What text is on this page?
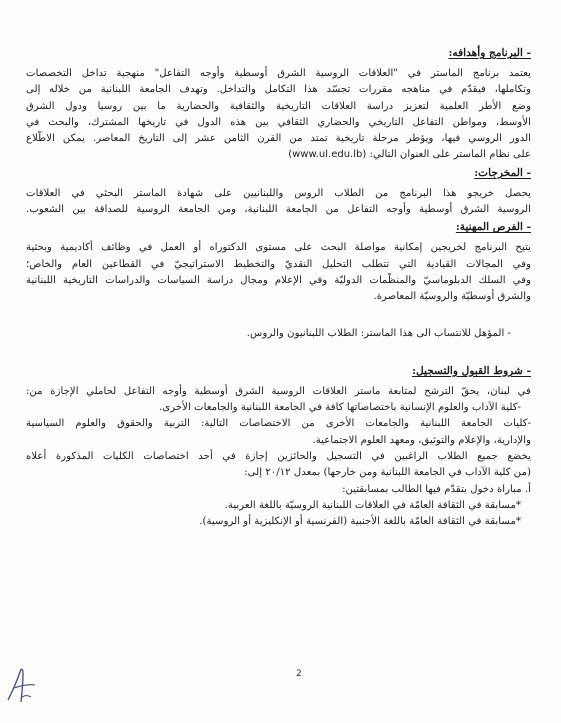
- البرنامج وأهدافه:
يعتمد برنامج الماستر في "العلاقات الروسية الشرق أوسطية وأوجه التفاعل" منهجية تداخل التخصصات
وتكاملها، فيقدّم في مناهجه مقررات تجسّد هذا التكامل والتداخل. وتهدف الجامعة اللبنانية من خلاله إلى
وضع الأطر العلمية لتعزيز دراسة العلاقات التاريخية والثقافية والحضارية ما بين روسيا ودول الشرق
الأوسط، ومواطن التفاعل التاريخي والحضاري الثقافي بين هذه الدول في تاريخها المشترك، والبحث في
الدور الروسي فيها، ويؤطر مرحلة تاريخية تمتد من القرن الثامن عشر إلى التاريخ المعاصر. يمكن الاطّلاع
على نظام الماستر على العنوان التالي: (www.ul.edu.lb)
- المخرجات:
يحصل خريجو هذا البرنامج من الطلاب الروس واللبنانيين على شهادة الماستر البحثي في العلاقات
الروسية الشرق أوسطية وأوجه التفاعل من الجامعة اللبنانية، ومن الجامعة الروسية للصداقة بين الشعوب.
- الفرص المهنية:
يتيح البرنامج لخريجين إمكانية مواصلة البحث على مستوى الدكتوراه أو العمل في وظائف أكاديمية وبحثية
وفي المجالات القيادية التي تتطلب التحليل النقديّ والتخطيط الاستراتيجيّ في القطاعين العام والخاص؛
وفي السلك الدبلوماسيّ والمنظّمات الدوليّة وفي الإعلام ومجال دراسة السياسات والدراسات التاريخية اللبنانية
والشرق أوسطيّة والروسيّة المعاصرة.
- المؤهل للانتساب الى هذا الماستر: الطلاب اللبنانيون والروس.
- شروط القبول والتسجيل:
في لبنان، يحقّ الترشح لمتابعة ماستر العلاقات الروسية الشرق أوسطية وأوجه التفاعل لحاملي الإجازة من:
-كلية الآداب والعلوم الإنسانية باختصاصاتها كافة في الجامعة اللبنانية والجامعات الأخرى.
-كليات الجامعة اللبنانية والجامعات الأخرى من الاختصاصات التالية: التربية والحقوق والعلوم السياسية
والإدارية، والإعلام والتوثيق، ومعهد العلوم الاجتماعية.
يخضع جميع الطلاب الراغبين في التسجيل والحائزين إجازة في أحد اختصاصات الكليات المذكورة أعلاه
(من كلية الآداب في الجامعة اللبنانية ومن خارجها) بمعدل ٢٠/١٢ إلى:
أ. مباراة دخول يتقدّم فيها الطالب بمسابقتين:
*مسابقة في الثقافة العامّة في العلاقات اللبنانية الروسيّة باللغة العربية.
*مسابقة في الثقافة العامّة باللغة الأجنبية (الفرنسية أو الإنكليزية أو الروسية).
2
